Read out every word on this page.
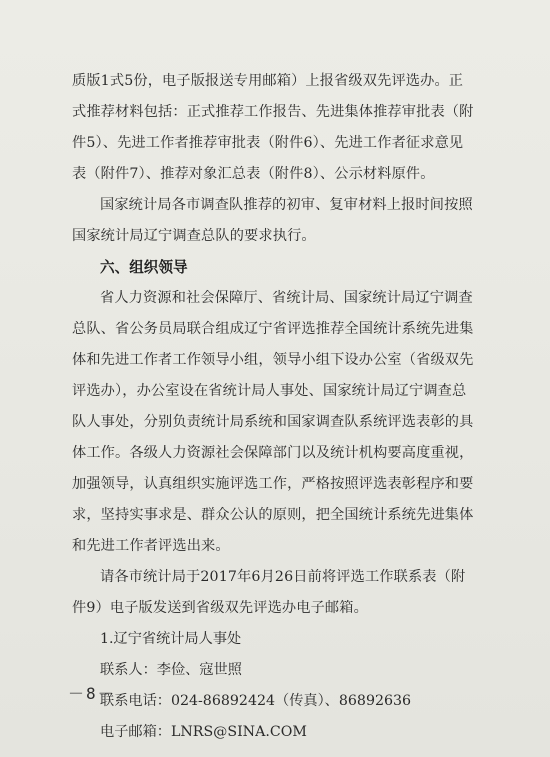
质版1式5份，电子版报送专用邮箱）上报省级双先评选办。正
式推荐材料包括：正式推荐工作报告、先进集体推荐审批表（附
件5）、先进工作者推荐审批表（附件6）、先进工作者征求意见
表（附件7）、推荐对象汇总表（附件8）、公示材料原件。
国家统计局各市调查队推荐的初审、复审材料上报时间按照
国家统计局辽宁调查总队的要求执行。
六、组织领导
省人力资源和社会保障厅、省统计局、国家统计局辽宁调查
总队、省公务员局联合组成辽宁省评选推荐全国统计系统先进集
体和先进工作者工作领导小组，领导小组下设办公室（省级双先
评选办），办公室设在省统计局人事处、国家统计局辽宁调查总
队人事处，分别负责统计局系统和国家调查队系统评选表彰的具
体工作。各级人力资源社会保障部门以及统计机构要高度重视，
加强领导，认真组织实施评选工作，严格按照评选表彰程序和要
求，坚持实事求是、群众公认的原则，把全国统计系统先进集体
和先进工作者评选出来。
请各市统计局于2017年6月26日前将评选工作联系表（附
件9）电子版发送到省级双先评选办电子邮箱。
1.辽宁省统计局人事处
联系人：李俭、寇世照
联系电话：024-86892424（传真）、86892636
电子邮箱：LNRS@SINA.COM
－8－
